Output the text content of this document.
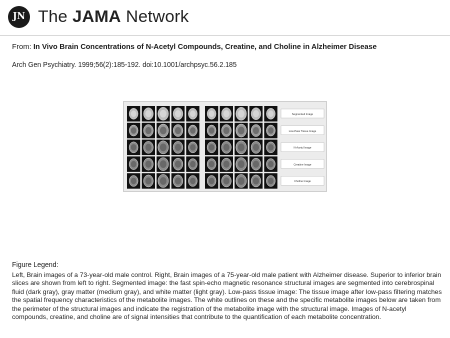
JN The JAMA Network
From: In Vivo Brain Concentrations of N-Acetyl Compounds, Creatine, and Choline in Alzheimer Disease
Arch Gen Psychiatry. 1999;56(2):185-192. doi:10.1001/archpsyc.56.2.185
Segmented Image
Low-Pass Tissue Image
N-Acetyl Image
Creatine Image
Choline Image
Figure Legend:
Left, Brain images of a 73-year-old male control. Right, Brain images of a 75-year-old male patient with Alzheimer disease. Superior to inferior brain slices are shown from left to right. Segmented image: the fast spin-echo magnetic resonance structural images are segmented into cerebrospinal fluid (dark gray), gray matter (medium gray), and white matter (light gray). Low-pass tissue image: The tissue image after low-pass filtering matches the spatial frequency characteristics of the metabolite images. The white outlines on these and the specific metabolite images below are taken from the perimeter of the structural images and indicate the registration of the metabolite image with the structural image. Images of N-acetyl compounds, creatine, and choline are of signal intensities that contribute to the quantification of each metabolite concentration.
